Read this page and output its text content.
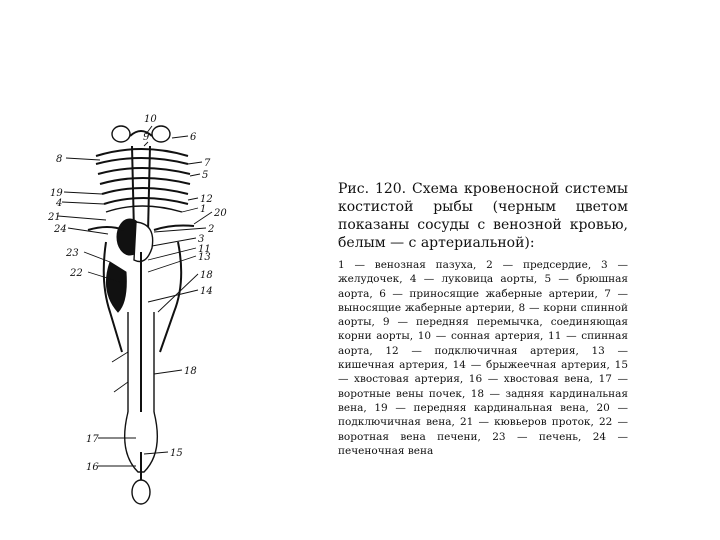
10
9	6
8	7
5
19
4	12
1 20
21
2
24
3
11
13
23
22	18
14
18
17
15
16

Рис. 120. Схема кровеносной системы костистой рыбы (черным цветом показаны сосуды с венозной кровью, белым — с артериальной):

1 — венозная пазуха, 2 — предсердие, 3 — желудочек, 4 — луковица аорты, 5 — брюшная аорта, 6 — приносящие жаберные артерии, 7 — выносящие жаберные артерии, 8 — корни спинной аорты, 9 — передняя перемычка, соединяющая корни аорты, 10 — сонная артерия, 11 — спинная аорта, 12 — подключичная артерия, 13 — кишечная артерия, 14 — брыжеечная артерия, 15 — хвостовая артерия, 16 — хвостовая вена, 17 — воротные вены почек, 18 — задняя кардинальная вена, 19 — передняя кардинальная вена, 20 — подключичная вена, 21 — кювьеров проток, 22 — воротная вена печени, 23 — печень, 24 — печеночная вена
